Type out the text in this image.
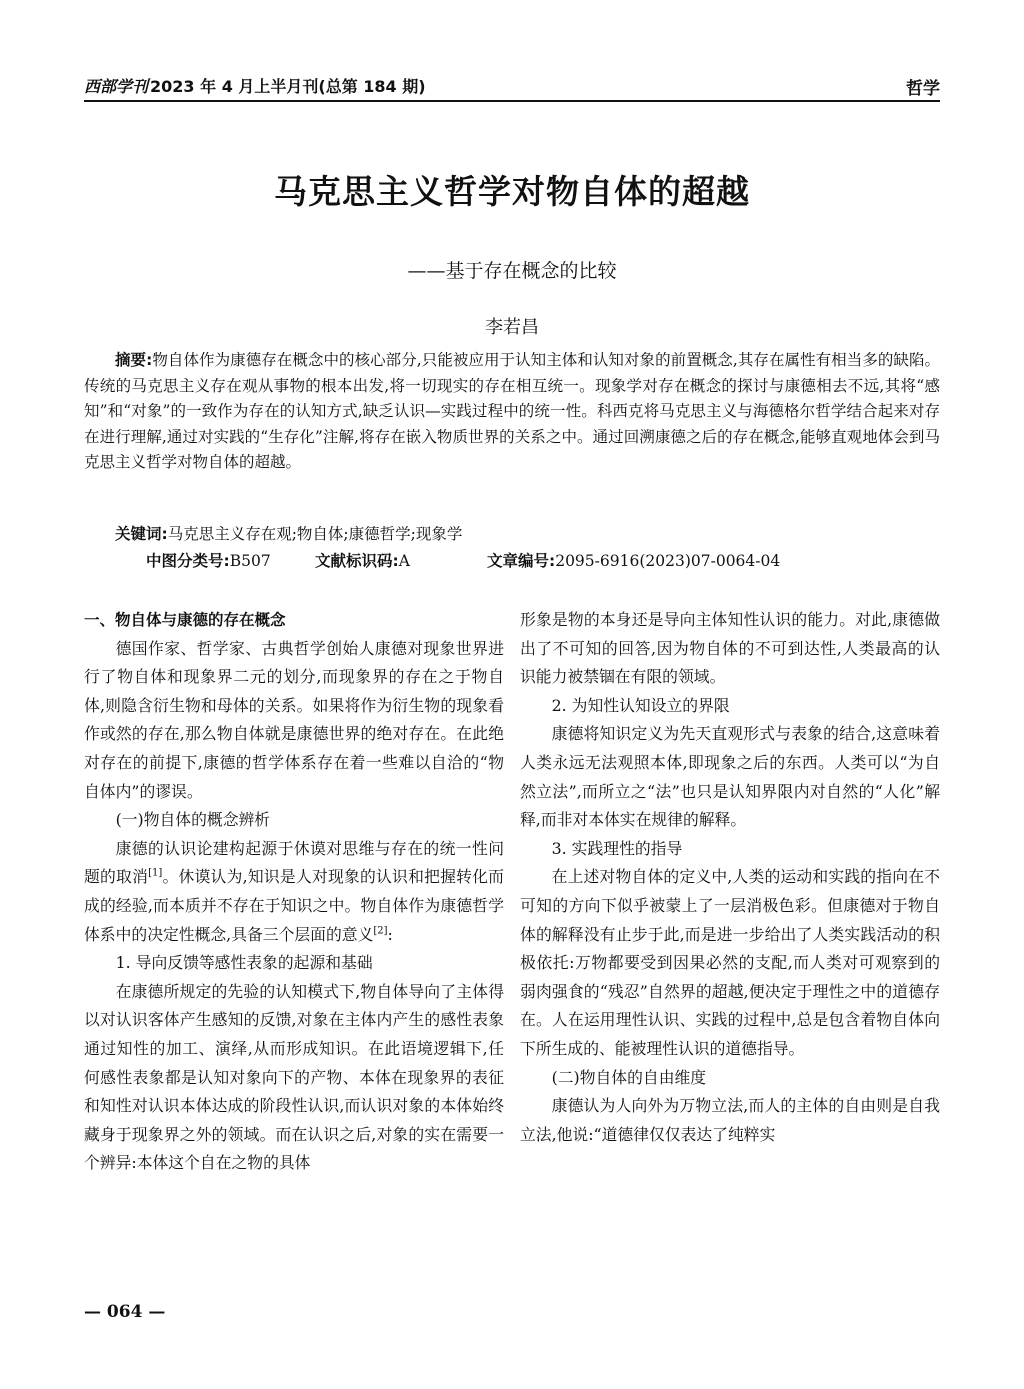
西部学刊 2023 年 4 月上半月刊(总第 184 期)	哲学
马克思主义哲学对物自体的超越
——基于存在概念的比较
李若昌
摘要:物自体作为康德存在概念中的核心部分,只能被应用于认知主体和认知对象的前置概念,其存在属性有相当多的缺陷。传统的马克思主义存在观从事物的根本出发,将一切现实的存在相互统一。现象学对存在概念的探讨与康德相去不远,其将“感知”和“对象”的一致作为存在的认知方式,缺乏认识—实践过程中的统一性。科西克将马克思主义与海德格尔哲学结合起来对存在进行理解,通过对实践的“生存化”注解,将存在嵌入物质世界的关系之中。通过回溯康德之后的存在概念,能够直观地体会到马克思主义哲学对物自体的超越。
关键词:马克思主义存在观;物自体;康德哲学;现象学
中图分类号:B507	文献标识码:A	文章编号:2095-6916(2023)07-0064-04

一、物自体与康德的存在概念

德国作家、哲学家、古典哲学创始人康德对现象世界进行了物自体和现象界二元的划分,而现象界的存在之于物自体,则隐含衍生物和母体的关系。如果将作为衍生物的现象看作或然的存在,那么物自体就是康德世界的绝对存在。在此绝对存在的前提下,康德的哲学体系存在着一些难以自洽的“物自体内”的谬误。

(一)物自体的概念辨析

康德的认识论建构起源于休谟对思维与存在的统一性问题的取消[1]。休谟认为,知识是人对现象的认识和把握转化而成的经验,而本质并不存在于知识之中。物自体作为康德哲学体系中的决定性概念,具备三个层面的意义[2]:

1. 导向反馈等感性表象的起源和基础

在康德所规定的先验的认知模式下,物自体导向了主体得以对认识客体产生感知的反馈,对象在主体内产生的感性表象通过知性的加工、演绎,从而形成知识。在此语境逻辑下,任何感性表象都是认知对象向下的产物、本体在现象界的表征和知性对认识本体达成的阶段性认识,而认识对象的本体始终藏身于现象界之外的领域。而在认识之后,对象的实在需要一个辨异:本体这个自在之物的具体

形象是物的本身还是导向主体知性认识的能力。对此,康德做出了不可知的回答,因为物自体的不可到达性,人类最高的认识能力被禁锢在有限的领域。

2. 为知性认知设立的界限

康德将知识定义为先天直观形式与表象的结合,这意味着人类永远无法观照本体,即现象之后的东西。人类可以“为自然立法”,而所立之“法”也只是认知界限内对自然的“人化”解释,而非对本体实在规律的解释。

3. 实践理性的指导

在上述对物自体的定义中,人类的运动和实践的指向在不可知的方向下似乎被蒙上了一层消极色彩。但康德对于物自体的解释没有止步于此,而是进一步给出了人类实践活动的积极依托:万物都要受到因果必然的支配,而人类对可观察到的弱肉强食的“残忍”自然界的超越,便决定于理性之中的道德存在。人在运用理性认识、实践的过程中,总是包含着物自体向下所生成的、能被理性认识的道德指导。

(二)物自体的自由维度

康德认为人向外为万物立法,而人的主体的自由则是自我立法,他说:“道德律仅仅表达了纯粹实

— 064 —
